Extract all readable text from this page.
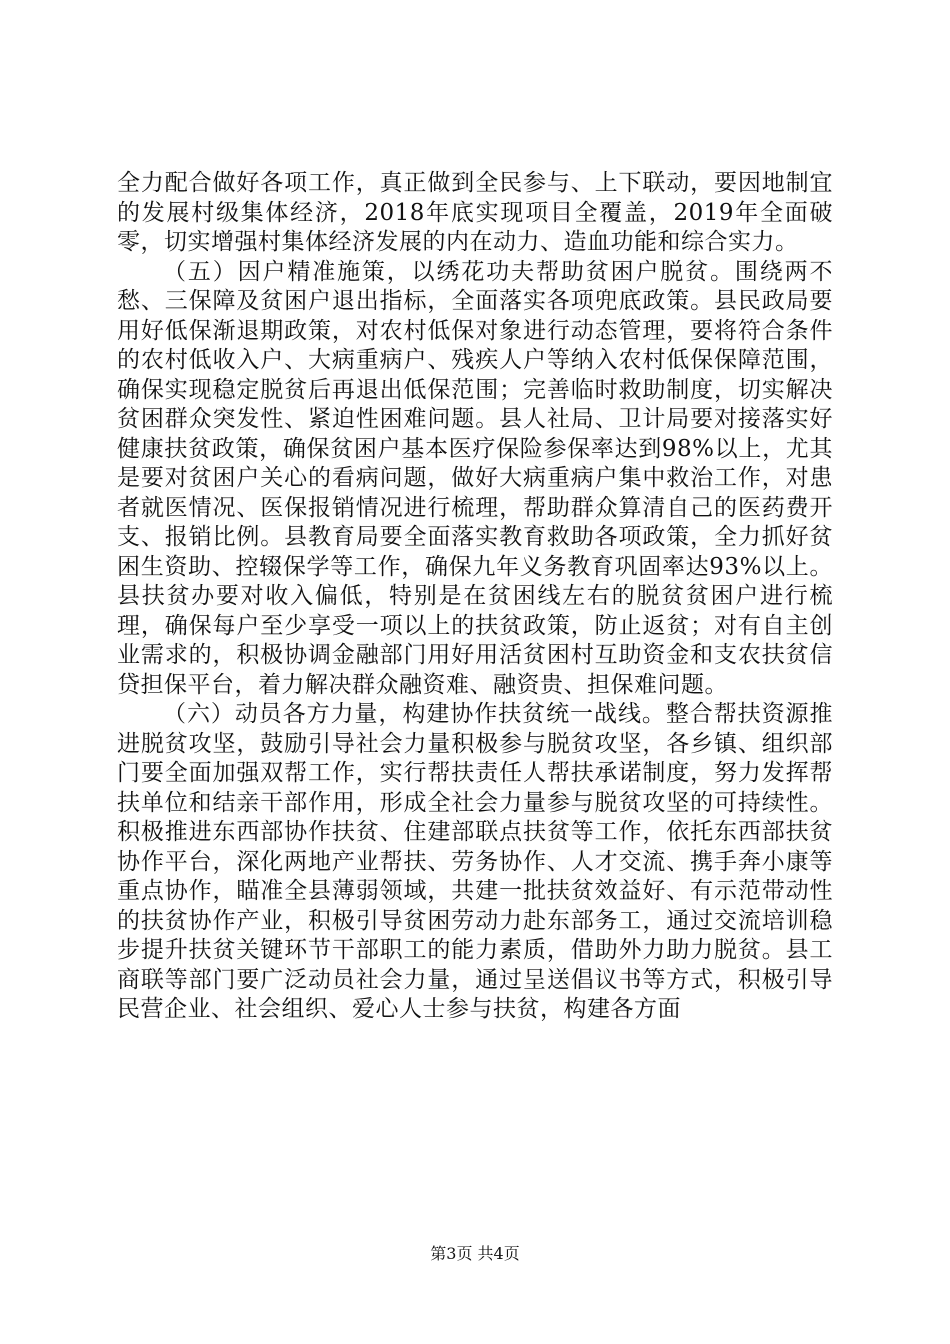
全力配合做好各项工作，真正做到全民参与、上下联动，要因地制宜的发展村级集体经济，2018年底实现项目全覆盖，2019年全面破零，切实增强村集体经济发展的内在动力、造血功能和综合实力。

（五）因户精准施策，以绣花功夫帮助贫困户脱贫。围绕两不愁、三保障及贫困户退出指标，全面落实各项兜底政策。县民政局要用好低保渐退期政策，对农村低保对象进行动态管理，要将符合条件的农村低收入户、大病重病户、残疾人户等纳入农村低保保障范围，确保实现稳定脱贫后再退出低保范围；完善临时救助制度，切实解决贫困群众突发性、紧迫性困难问题。县人社局、卫计局要对接落实好健康扶贫政策，确保贫困户基本医疗保险参保率达到98%以上，尤其是要对贫困户关心的看病问题，做好大病重病户集中救治工作，对患者就医情况、医保报销情况进行梳理，帮助群众算清自己的医药费开支、报销比例。县教育局要全面落实教育救助各项政策，全力抓好贫困生资助、控辍保学等工作，确保九年义务教育巩固率达93%以上。县扶贫办要对收入偏低，特别是在贫困线左右的脱贫贫困户进行梳理，确保每户至少享受一项以上的扶贫政策，防止返贫；对有自主创业需求的，积极协调金融部门用好用活贫困村互助资金和支农扶贫信贷担保平台，着力解决群众融资难、融资贵、担保难问题。

（六）动员各方力量，构建协作扶贫统一战线。整合帮扶资源推进脱贫攻坚，鼓励引导社会力量积极参与脱贫攻坚，各乡镇、组织部门要全面加强双帮工作，实行帮扶责任人帮扶承诺制度，努力发挥帮扶单位和结亲干部作用，形成全社会力量参与脱贫攻坚的可持续性。积极推进东西部协作扶贫、住建部联点扶贫等工作，依托东西部扶贫协作平台，深化两地产业帮扶、劳务协作、人才交流、携手奔小康等重点协作，瞄准全县薄弱领域，共建一批扶贫效益好、有示范带动性的扶贫协作产业，积极引导贫困劳动力赴东部务工，通过交流培训稳步提升扶贫关键环节干部职工的能力素质，借助外力助力脱贫。县工商联等部门要广泛动员社会力量，通过呈送倡议书等方式，积极引导民营企业、社会组织、爱心人士参与扶贫，构建各方面

第3页 共4页
